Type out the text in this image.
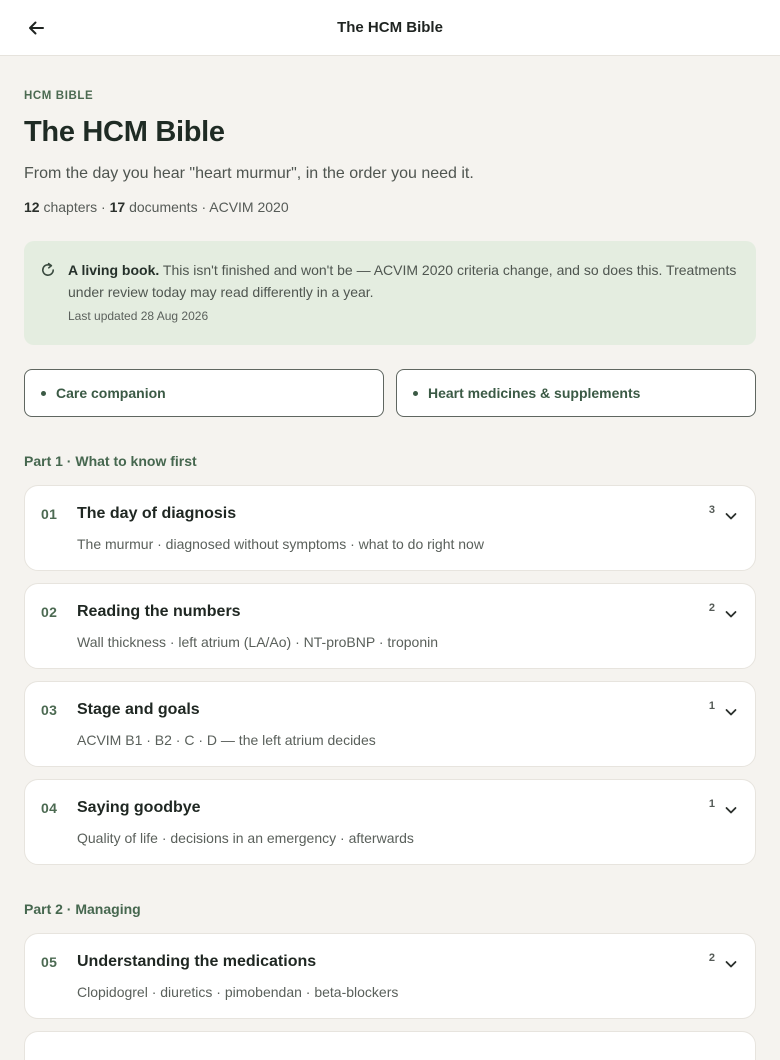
The HCM Bible
HCM BIBLE
The HCM Bible
From the day you hear "heart murmur", in the order you need it.
12 chapters · 17 documents · ACVIM 2020
A living book. This isn't finished and won't be — ACVIM 2020 criteria change, and so does this. Treatments under review today may read differently in a year.
Last updated 28 Aug 2026
Care companion	Heart medicines & supplements
Part 1 · What to know first
01 The day of diagnosis
The murmur · diagnosed without symptoms · what to do right now
3
02 Reading the numbers
Wall thickness · left atrium (LA/Ao) · NT-proBNP · troponin
2
03 Stage and goals
ACVIM B1 · B2 · C · D — the left atrium decides
1
04 Saying goodbye
Quality of life · decisions in an emergency · afterwards
1
Part 2 · Managing
05 Understanding the medications
Clopidogrel · diuretics · pimobendan · beta-blockers
2
